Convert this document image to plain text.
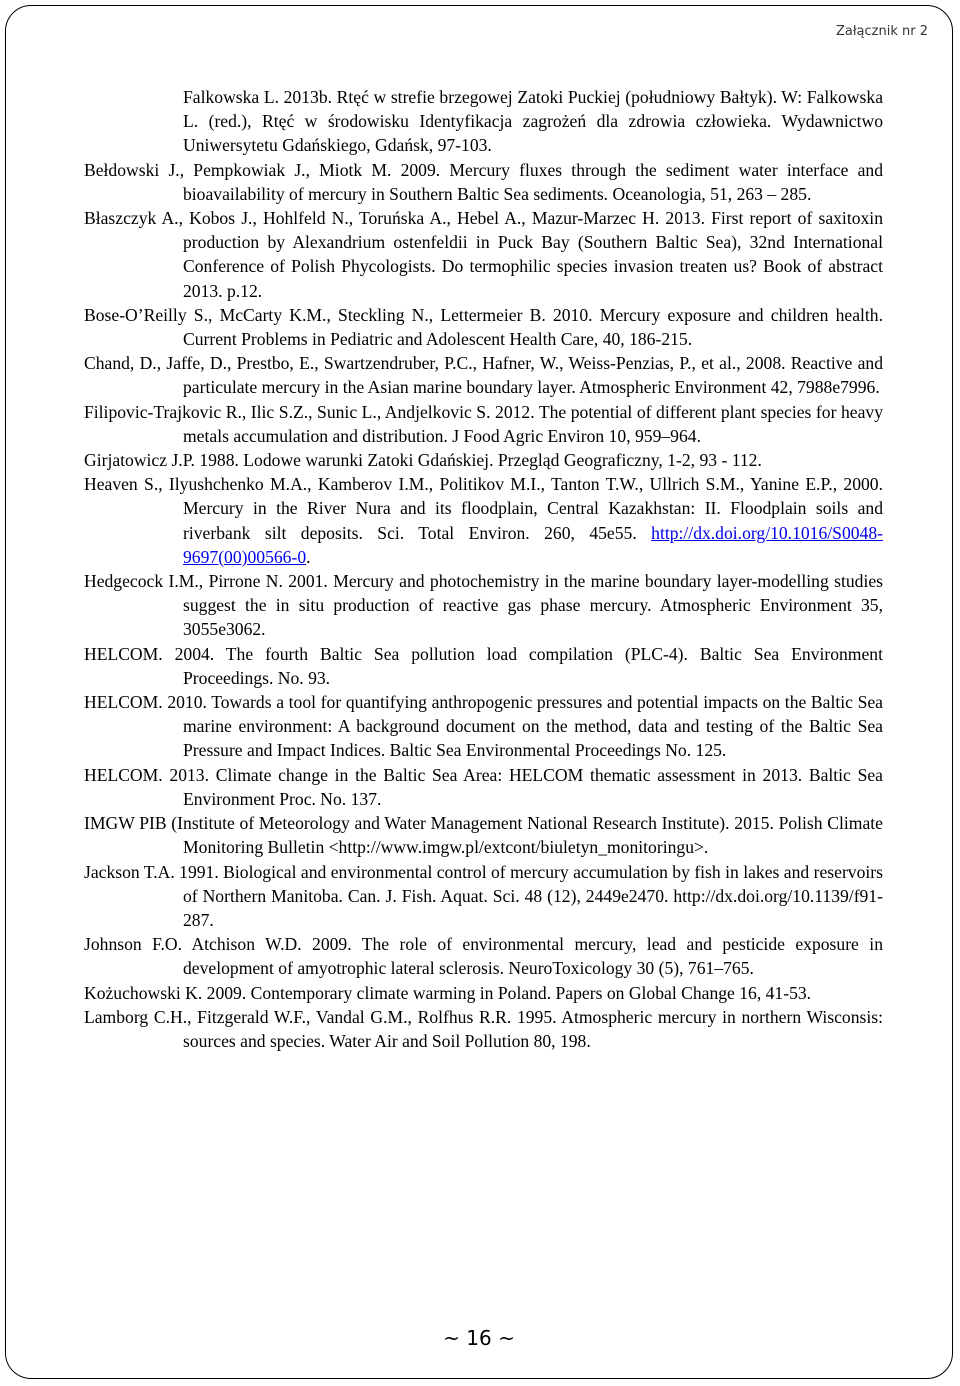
Załącznik nr 2

Falkowska L. 2013b. Rtęć w strefie brzegowej Zatoki Puckiej (południowy Bałtyk). W: Falkowska L. (red.), Rtęć w środowisku Identyfikacja zagrożeń dla zdrowia człowieka. Wydawnictwo Uniwersytetu Gdańskiego, Gdańsk, 97-103.

Bełdowski J., Pempkowiak J., Miotk M. 2009. Mercury fluxes through the sediment water interface and bioavailability of mercury in Southern Baltic Sea sediments. Oceanologia, 51, 263 – 285.

Błaszczyk A., Kobos J., Hohlfeld N., Toruńska A., Hebel A., Mazur-Marzec H. 2013. First report of saxitoxin production by Alexandrium ostenfeldii in Puck Bay (Southern Baltic Sea), 32nd International Conference of Polish Phycologists. Do termophilic species invasion treaten us? Book of abstract 2013. p.12.

Bose-O’Reilly S., McCarty K.M., Steckling N., Lettermeier B. 2010. Mercury exposure and children health. Current Problems in Pediatric and Adolescent Health Care, 40, 186-215.

Chand, D., Jaffe, D., Prestbo, E., Swartzendruber, P.C., Hafner, W., Weiss-Penzias, P., et al., 2008. Reactive and particulate mercury in the Asian marine boundary layer. Atmospheric Environment 42, 7988e7996.

Filipovic-Trajkovic R., Ilic S.Z., Sunic L., Andjelkovic S. 2012. The potential of different plant species for heavy metals accumulation and distribution. J Food Agric Environ 10, 959–964.

Girjatowicz J.P. 1988. Lodowe warunki Zatoki Gdańskiej. Przegląd Geograficzny, 1-2, 93 - 112.

Heaven S., Ilyushchenko M.A., Kamberov I.M., Politikov M.I., Tanton T.W., Ullrich S.M., Yanine E.P., 2000. Mercury in the River Nura and its floodplain, Central Kazakhstan: II. Floodplain soils and riverbank silt deposits. Sci. Total Environ. 260, 45e55. http://dx.doi.org/10.1016/S0048-9697(00)00566-0.

Hedgecock I.M., Pirrone N. 2001. Mercury and photochemistry in the marine boundary layer-modelling studies suggest the in situ production of reactive gas phase mercury. Atmospheric Environment 35, 3055e3062.

HELCOM. 2004. The fourth Baltic Sea pollution load compilation (PLC-4). Baltic Sea Environment Proceedings. No. 93.

HELCOM. 2010. Towards a tool for quantifying anthropogenic pressures and potential impacts on the Baltic Sea marine environment: A background document on the method, data and testing of the Baltic Sea Pressure and Impact Indices. Baltic Sea Environmental Proceedings No. 125.

HELCOM. 2013. Climate change in the Baltic Sea Area: HELCOM thematic assessment in 2013. Baltic Sea Environment Proc. No. 137.

IMGW PIB (Institute of Meteorology and Water Management National Research Institute). 2015. Polish Climate Monitoring Bulletin <http://www.imgw.pl/extcont/biuletyn_monitoringu>.

Jackson T.A. 1991. Biological and environmental control of mercury accumulation by fish in lakes and reservoirs of Northern Manitoba. Can. J. Fish. Aquat. Sci. 48 (12), 2449e2470. http://dx.doi.org/10.1139/f91-287.

Johnson F.O. Atchison W.D. 2009. The role of environmental mercury, lead and pesticide exposure in development of amyotrophic lateral sclerosis. NeuroToxicology 30 (5), 761–765.

Kożuchowski K. 2009. Contemporary climate warming in Poland. Papers on Global Change 16, 41-53.

Lamborg C.H., Fitzgerald W.F., Vandal G.M., Rolfhus R.R. 1995. Atmospheric mercury in northern Wisconsis: sources and species. Water Air and Soil Pollution 80, 198.

~ 16 ~
